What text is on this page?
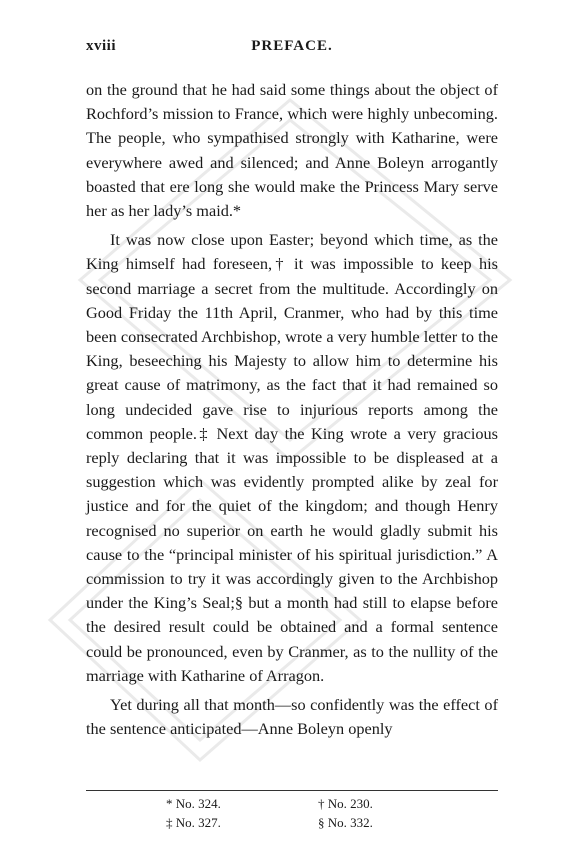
xviii	PREFACE.

on the ground that he had said some things about the object of Rochford’s mission to France, which were highly unbecoming. The people, who sympathised strongly with Katharine, were everywhere awed and silenced; and Anne Boleyn arrogantly boasted that ere long she would make the Princess Mary serve her as her lady’s maid.*

It was now close upon Easter; beyond which time, as the King himself had foreseen,† it was impossible to keep his second marriage a secret from the multitude. Accordingly on Good Friday the 11th April, Cranmer, who had by this time been consecrated Archbishop, wrote a very humble letter to the King, beseeching his Majesty to allow him to determine his great cause of matrimony, as the fact that it had remained so long undecided gave rise to injurious reports among the common people.‡ Next day the King wrote a very gracious reply declaring that it was impossible to be displeased at a suggestion which was evidently prompted alike by zeal for justice and for the quiet of the kingdom; and though Henry recognised no superior on earth he would gladly submit his cause to the “principal minister of his spiritual jurisdiction.” A commission to try it was accordingly given to the Archbishop under the King’s Seal;§ but a month had still to elapse before the desired result could be obtained and a formal sentence could be pronounced, even by Cranmer, as to the nullity of the marriage with Katharine of Arragon.

Yet during all that month—so confidently was the effect of the sentence anticipated—Anne Boleyn openly

* No. 324.	† No. 230.
‡ No. 327.	§ No. 332.
